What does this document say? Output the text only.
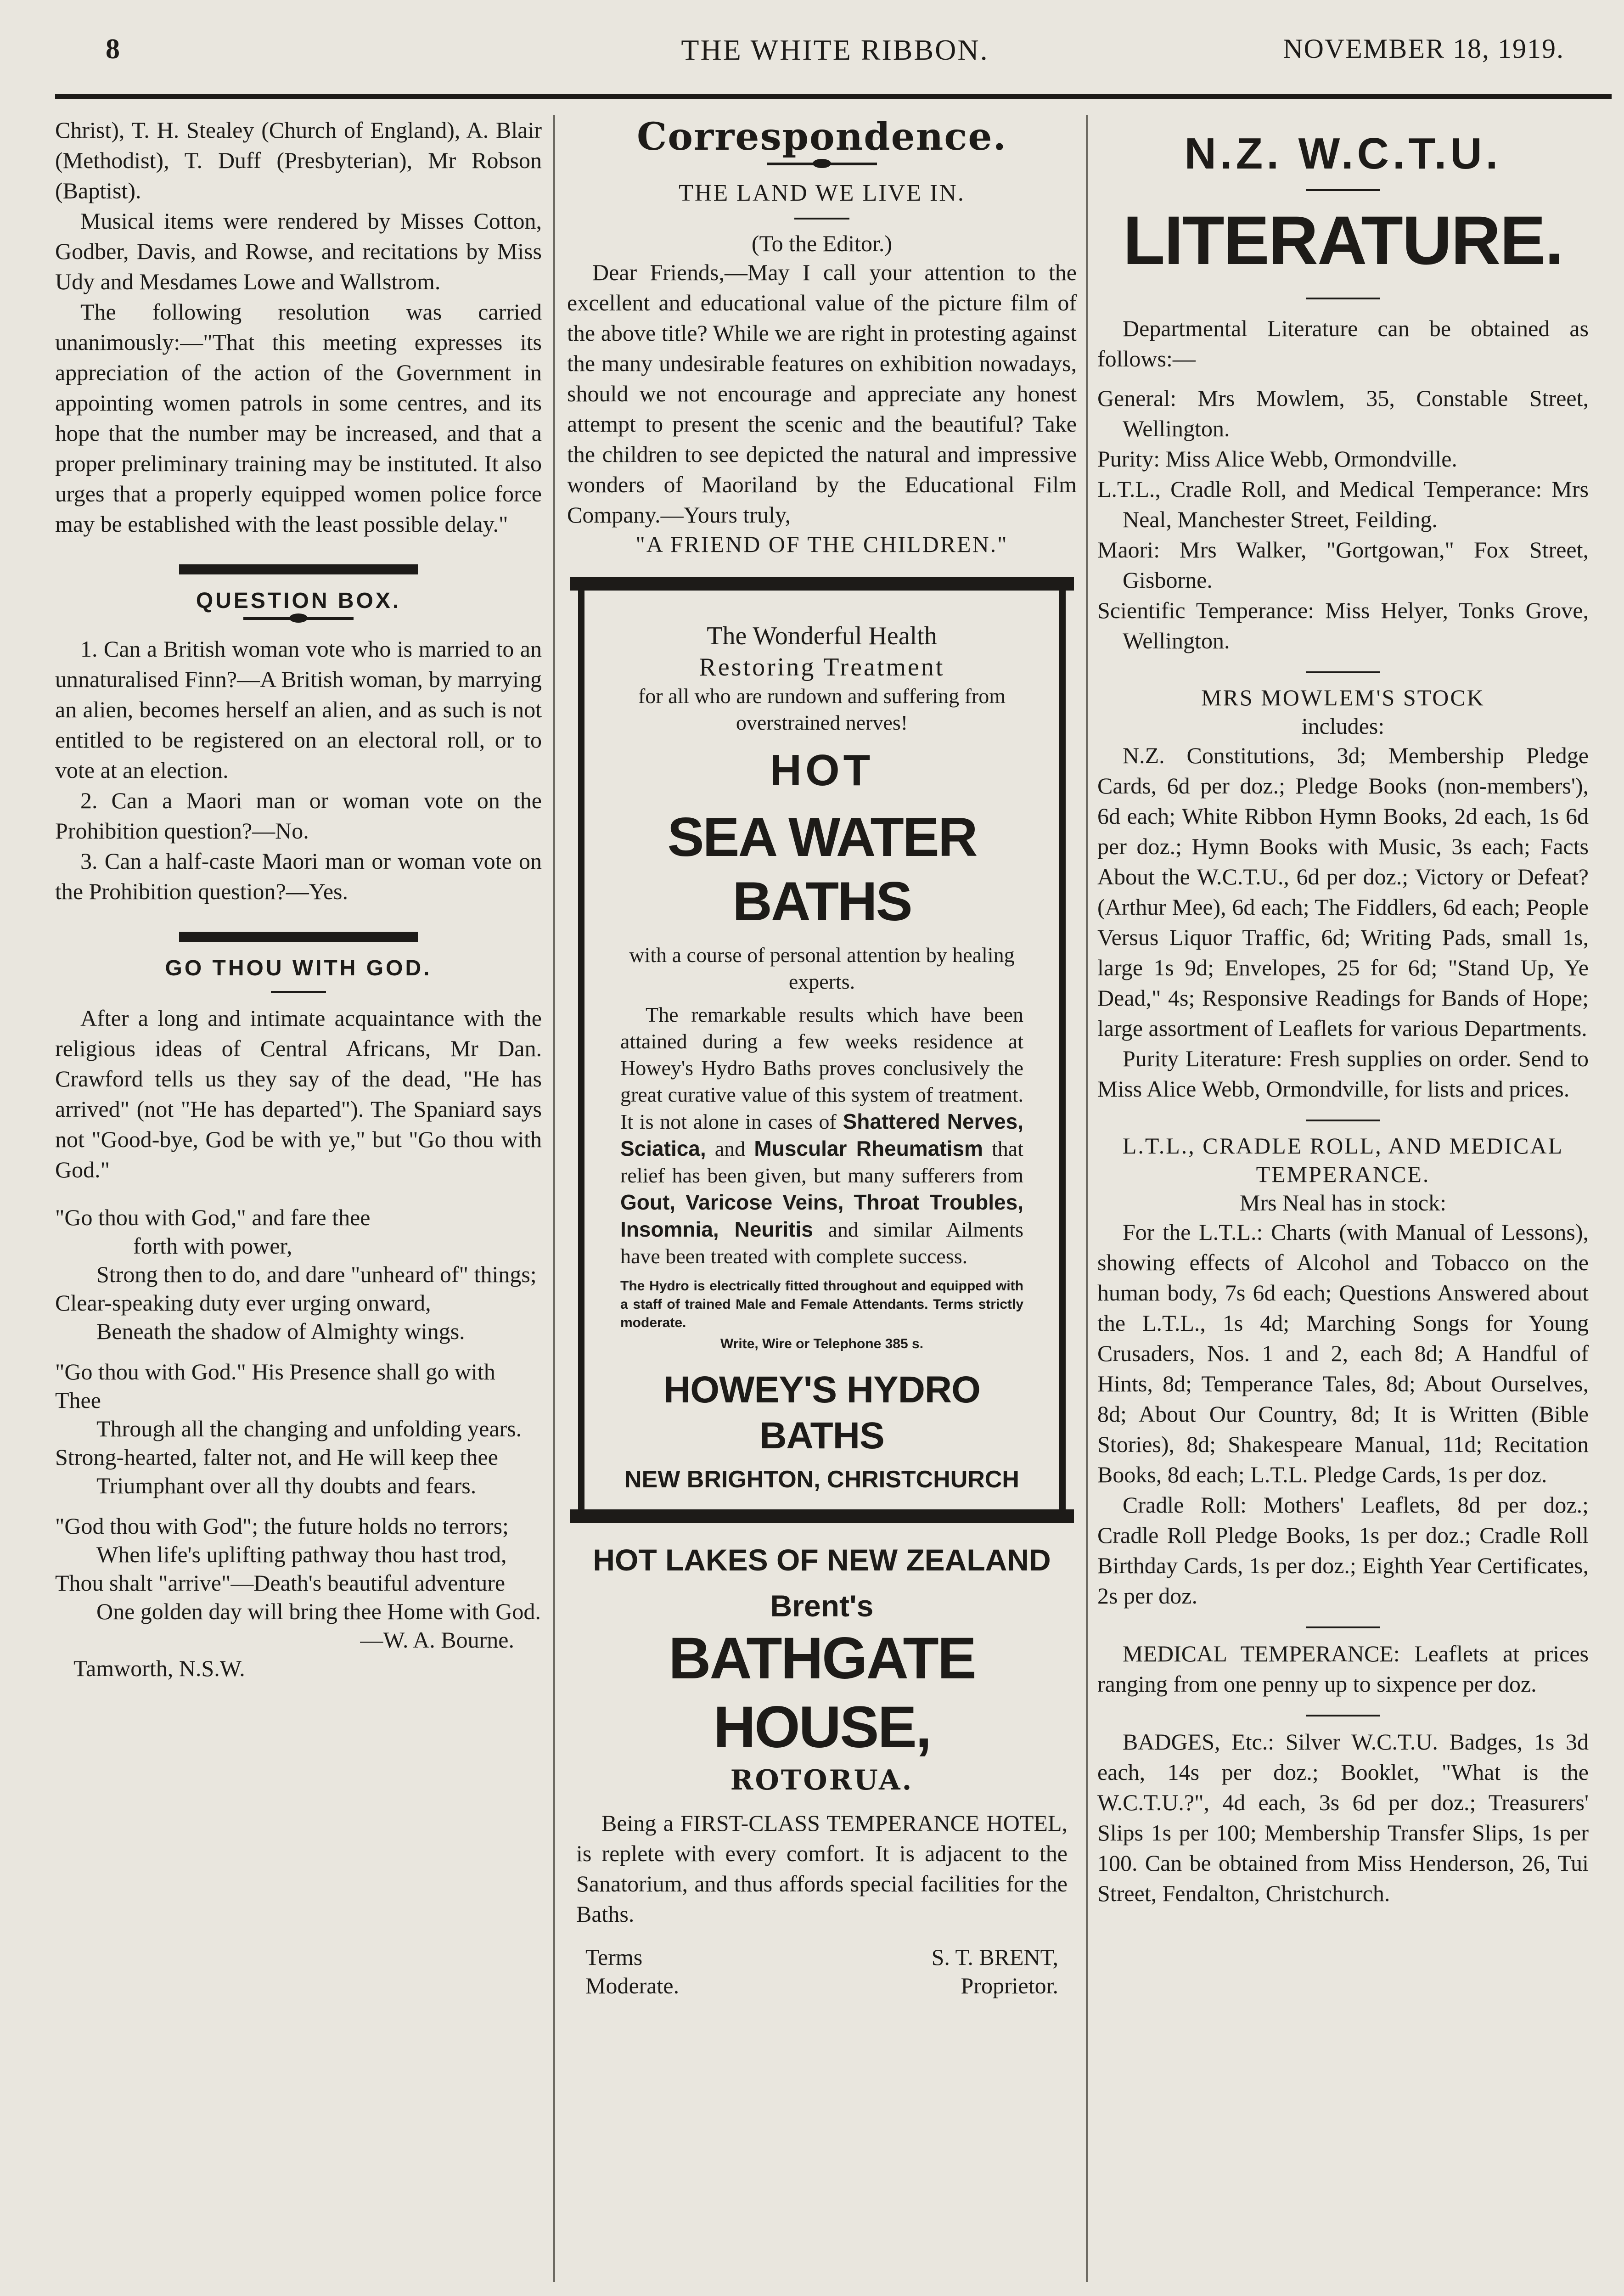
8	THE WHITE RIBBON.	NOVEMBER 18, 1919.

Christ), T. H. Stealey (Church of England), A. Blair (Methodist), T. Duff (Presbyterian), Mr Robson (Baptist).

Musical items were rendered by Misses Cotton, Godber, Davis, and Rowse, and recitations by Miss Udy and Mesdames Lowe and Wallstrom.

The following resolution was carried unanimously:—"That this meeting expresses its appreciation of the action of the Government in appointing women patrols in some centres, and its hope that the number may be increased, and that a proper preliminary training may be instituted. It also urges that a properly equipped women police force may be established with the least possible delay."

QUESTION BOX.

1. Can a British woman vote who is married to an unnaturalised Finn?—A British woman, by marrying an alien, becomes herself an alien, and as such is not entitled to be registered on an electoral roll, or to vote at an election.

2. Can a Maori man or woman vote on the Prohibition question?—No.

3. Can a half-caste Maori man or woman vote on the Prohibition question?—Yes.

GO THOU WITH GOD.

After a long and intimate acquaintance with the religious ideas of Central Africans, Mr Dan. Crawford tells us they say of the dead, "He has arrived" (not "He has departed"). The Spaniard says not "Good-bye, God be with ye," but "Go thou with God."

"Go thou with God," and fare thee
forth with power,
Strong then to do, and dare "unheard of" things;
Clear-speaking duty ever urging onward,
Beneath the shadow of Almighty wings.
"Go thou with God." His Presence shall go with Thee
Through all the changing and unfolding years.
Strong-hearted, falter not, and He will keep thee
Triumphant over all thy doubts and fears.
"God thou with God"; the future holds no terrors;
When life's uplifting pathway thou hast trod,
Thou shalt "arrive"—Death's beautiful adventure
One golden day will bring thee Home with God.
—W. A. Bourne.
Tamworth, N.S.W.
Correspondence.
THE LAND WE LIVE IN.
(To the Editor.)

Dear Friends,—May I call your attention to the excellent and educational value of the picture film of the above title? While we are right in protesting against the many undesirable features on exhibition nowadays, should we not encourage and appreciate any honest attempt to present the scenic and the beautiful? Take the children to see depicted the natural and impressive wonders of Maoriland by the Educational Film Company.—Yours truly,

"A FRIEND OF THE CHILDREN."
The Wonderful Health
Restoring Treatment

for all who are rundown and suffering from overstrained nerves!

HOT
SEA WATER BATHS

with a course of personal attention by healing experts.

The remarkable results which have been attained during a few weeks residence at Howey's Hydro Baths proves conclusively the great curative value of this system of treatment. It is not alone in cases of Shattered Nerves, Sciatica, and Muscular Rheumatism that relief has been given, but many sufferers from Gout, Varicose Veins, Throat Troubles, Insomnia, Neuritis and similar Ailments have been treated with complete success.

The Hydro is electrically fitted throughout and equipped with a staff of trained Male and Female Attendants. Terms strictly moderate.
Write, Wire or Telephone 385 s.
HOWEY'S HYDRO BATHS
NEW BRIGHTON, CHRISTCHURCH
HOT LAKES OF NEW ZEALAND
Brent's
BATHGATE HOUSE,
ROTORUA.

Being a FIRST-CLASS TEMPERANCE HOTEL, is replete with every comfort. It is adjacent to the Sanatorium, and thus affords special facilities for the Baths.

Terms	S. T. BRENT,
Moderate.	Proprietor.
N.Z. W.C.T.U.
LITERATURE.

Departmental Literature can be obtained as follows:—

General: Mrs Mowlem, 35, Constable Street, Wellington.

Purity: Miss Alice Webb, Ormondville.

L.T.L., Cradle Roll, and Medical Temperance: Mrs Neal, Manchester Street, Feilding.

Maori: Mrs Walker, "Gortgowan," Fox Street, Gisborne.

Scientific Temperance: Miss Helyer, Tonks Grove, Wellington.

MRS MOWLEM'S STOCK
includes:

N.Z. Constitutions, 3d; Membership Pledge Cards, 6d per doz.; Pledge Books (non-members'), 6d each; White Ribbon Hymn Books, 2d each, 1s 6d per doz.; Hymn Books with Music, 3s each; Facts About the W.C.T.U., 6d per doz.; Victory or Defeat? (Arthur Mee), 6d each; The Fiddlers, 6d each; People Versus Liquor Traffic, 6d; Writing Pads, small 1s, large 1s 9d; Envelopes, 25 for 6d; "Stand Up, Ye Dead," 4s; Responsive Readings for Bands of Hope; large assortment of Leaflets for various Departments.

Purity Literature: Fresh supplies on order. Send to Miss Alice Webb, Ormondville, for lists and prices.

L.T.L., CRADLE ROLL, AND MEDICAL TEMPERANCE.
Mrs Neal has in stock:

For the L.T.L.: Charts (with Manual of Lessons), showing effects of Alcohol and Tobacco on the human body, 7s 6d each; Questions Answered about the L.T.L., 1s 4d; Marching Songs for Young Crusaders, Nos. 1 and 2, each 8d; A Handful of Hints, 8d; Temperance Tales, 8d; About Ourselves, 8d; About Our Country, 8d; It is Written (Bible Stories), 8d; Shakespeare Manual, 11d; Recitation Books, 8d each; L.T.L. Pledge Cards, 1s per doz.

Cradle Roll: Mothers' Leaflets, 8d per doz.; Cradle Roll Pledge Books, 1s per doz.; Cradle Roll Birthday Cards, 1s per doz.; Eighth Year Certificates, 2s per doz.

MEDICAL TEMPERANCE: Leaflets at prices ranging from one penny up to sixpence per doz.

BADGES, Etc.: Silver W.C.T.U. Badges, 1s 3d each, 14s per doz.; Booklet, "What is the W.C.T.U.?", 4d each, 3s 6d per doz.; Treasurers' Slips 1s per 100; Membership Transfer Slips, 1s per 100. Can be obtained from Miss Henderson, 26, Tui Street, Fendalton, Christchurch.
